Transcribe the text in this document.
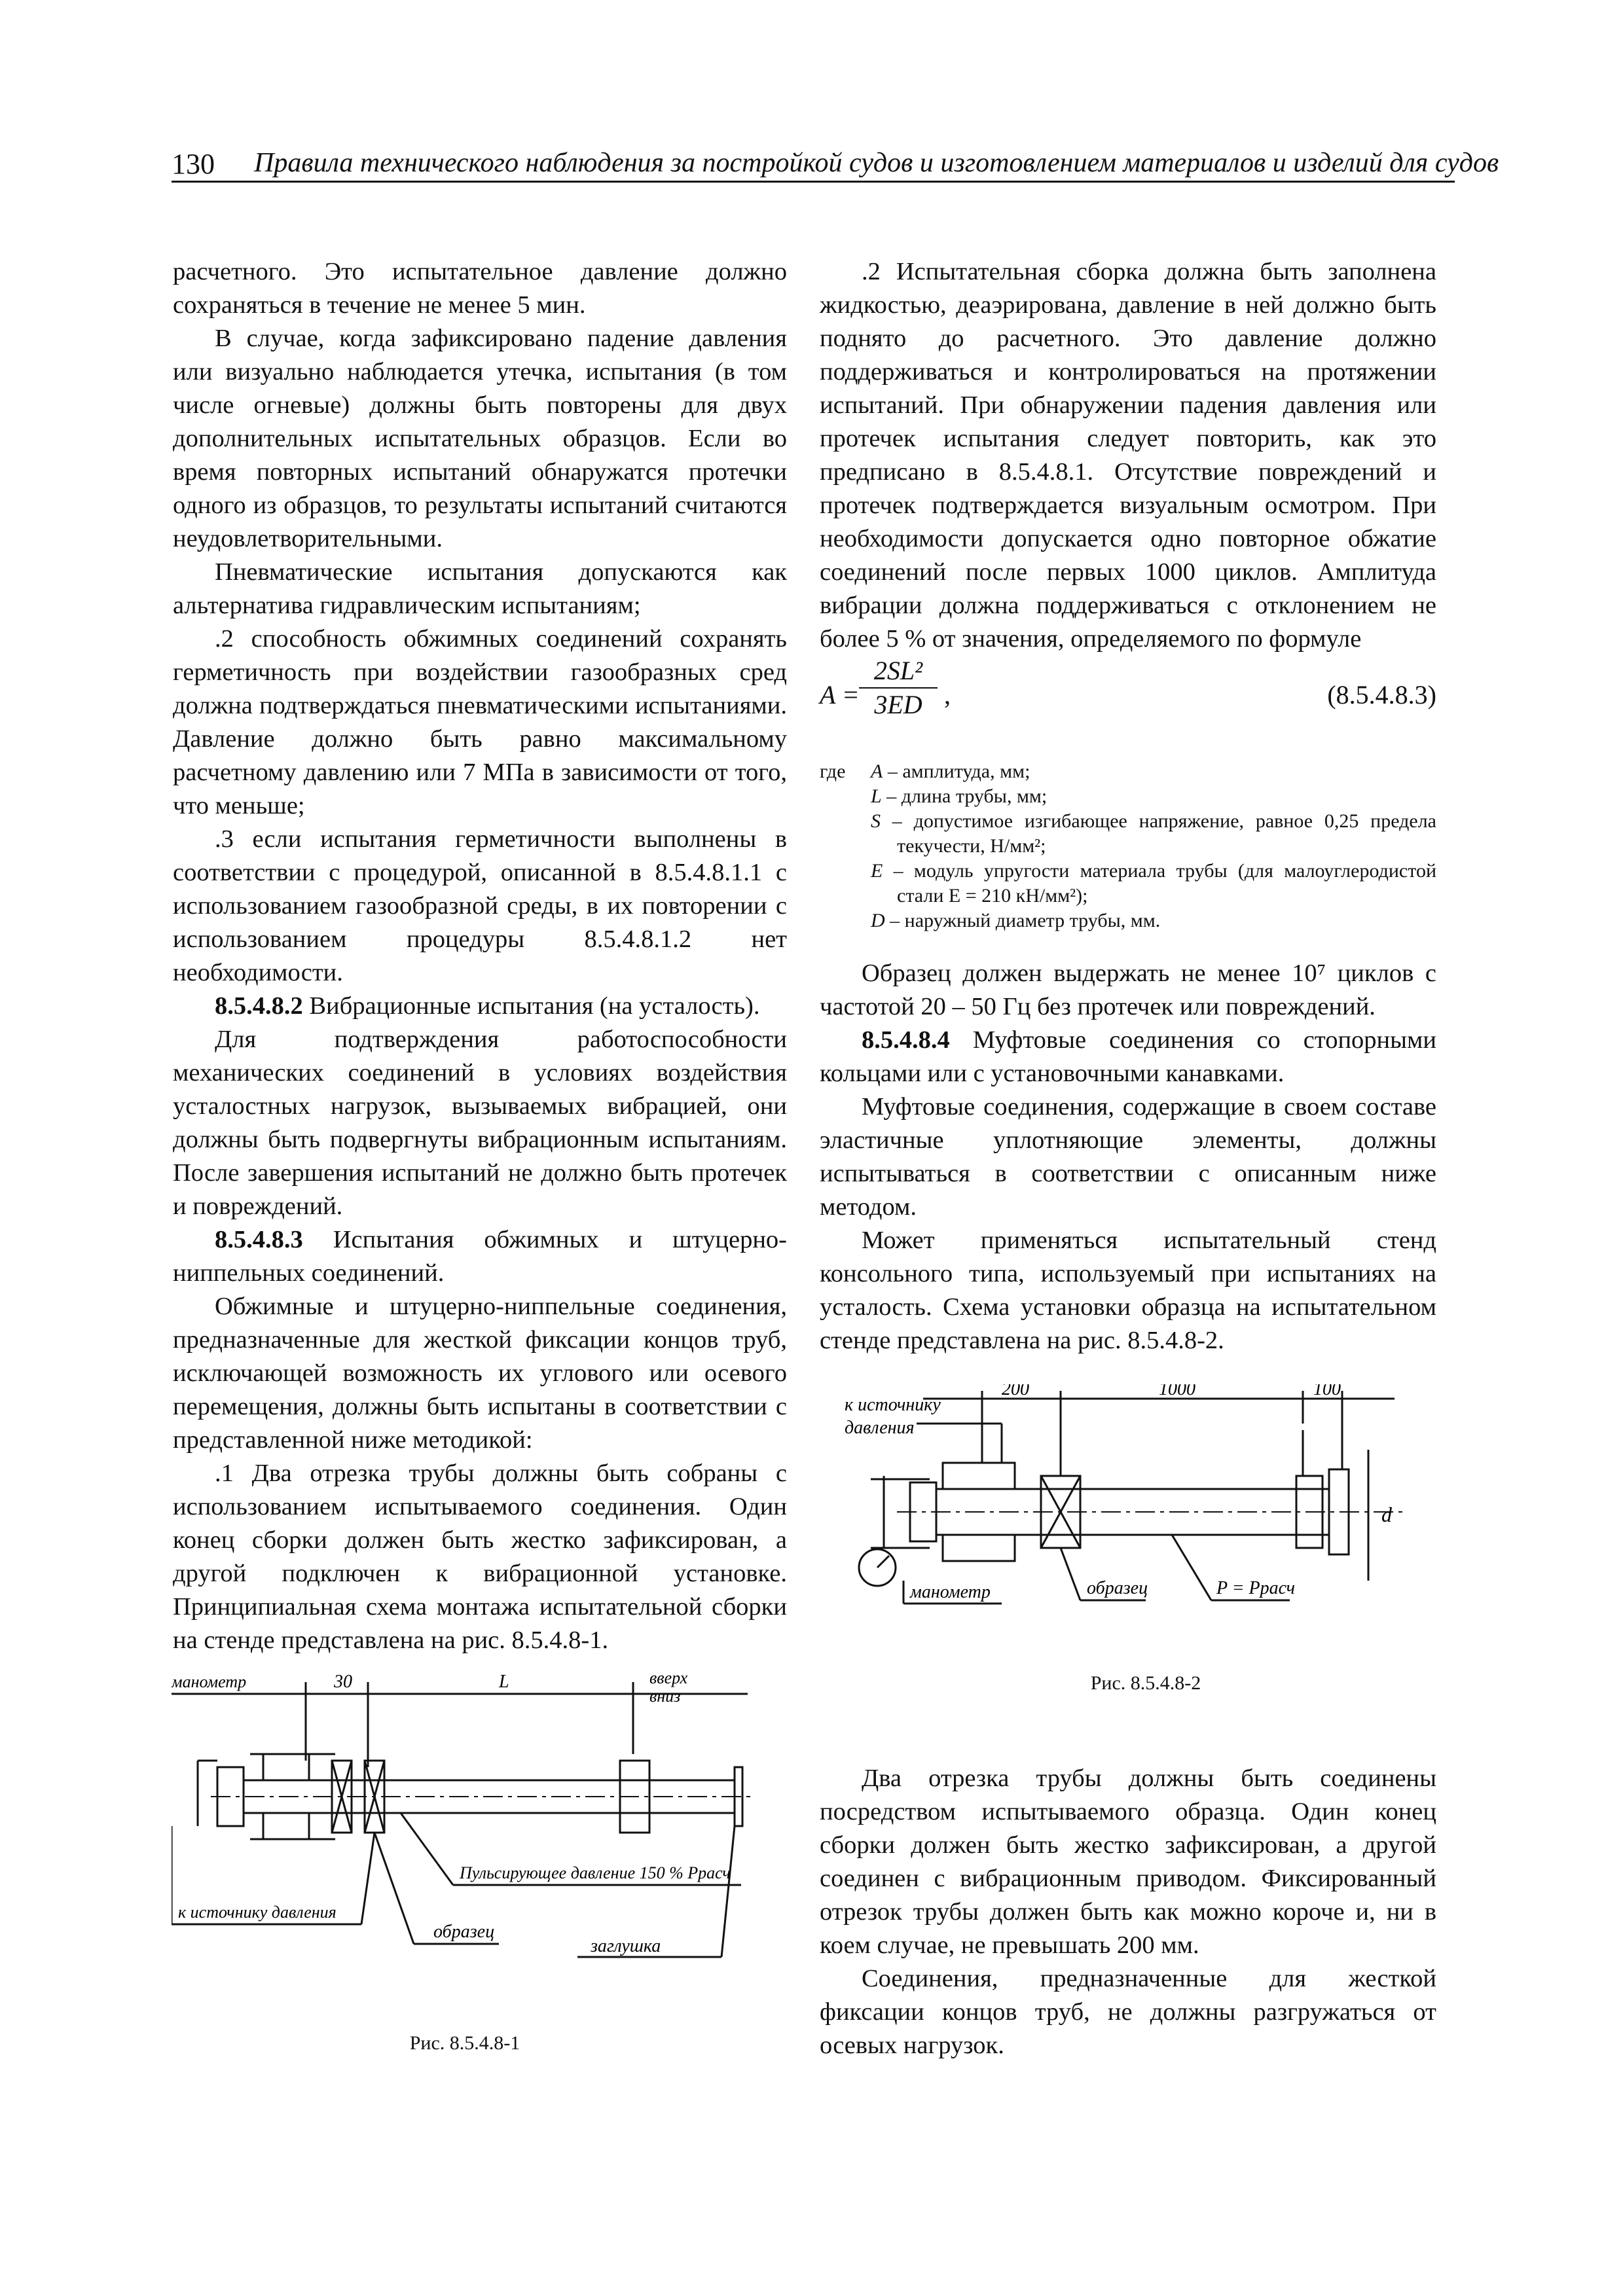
130 Правила технического наблюдения за постройкой судов и изготовлением материалов и изделий для судов

расчетного. Это испытательное давление должно сохраняться в течение не менее 5 мин.

В случае, когда зафиксировано падение давления или визуально наблюдается утечка, испытания (в том числе огневые) должны быть повторены для двух дополнительных испытательных образцов. Если во время повторных испытаний обнаружатся протечки одного из образцов, то результаты испытаний считаются неудовлетворительными.

Пневматические испытания допускаются как альтернатива гидравлическим испытаниям;

.2 способность обжимных соединений сохранять герметичность при воздействии газообразных сред должна подтверждаться пневматическими испытаниями. Давление должно быть равно максимальному расчетному давлению или 7 МПа в зависимости от того, что меньше;

.3 если испытания герметичности выполнены в соответствии с процедурой, описанной в 8.5.4.8.1.1 с использованием газообразной среды, в их повторении с использованием процедуры 8.5.4.8.1.2 нет необходимости.

8.5.4.8.2 Вибрационные испытания (на усталость).

Для подтверждения работоспособности механических соединений в условиях воздействия усталостных нагрузок, вызываемых вибрацией, они должны быть подвергнуты вибрационным испытаниям. После завершения испытаний не должно быть протечек и повреждений.

8.5.4.8.3 Испытания обжимных и штуцерно-ниппельных соединений.

Обжимные и штуцерно-ниппельные соединения, предназначенные для жесткой фиксации концов труб, исключающей возможность их углового или осевого перемещения, должны быть испытаны в соответствии с представленной ниже методикой:

.1 Два отрезка трубы должны быть собраны с использованием испытываемого соединения. Один конец сборки должен быть жестко зафиксирован, а другой подключен к вибрационной установке. Принципиальная схема монтажа испытательной сборки на стенде представлена на рис. 8.5.4.8-1.

.2 Испытательная сборка должна быть заполнена жидкостью, деаэрирована, давление в ней должно быть поднято до расчетного. Это давление должно поддерживаться и контролироваться на протяжении испытаний. При обнаружении падения давления или протечек испытания следует повторить, как это предписано в 8.5.4.8.1. Отсутствие повреждений и протечек подтверждается визуальным осмотром. При необходимости допускается одно повторное обжатие соединений после первых 1000 циклов. Амплитуда вибрации должна поддерживаться с отклонением не более 5 % от значения, определяемого по формуле

$A = \frac{\text{2SL²}}{3ED}$ ,	(8.5.4.8.3)
где A – амплитуда, мм;
L – длина трубы, мм;
S – допустимое изгибающее напряжение, равное 0,25 предела текучести, Н/мм²;
E – модуль упругости материала трубы (для малоуглеродистой стали E = 210 кН/мм²);
D – наружный диаметр трубы, мм.

Образец должен выдержать не менее 10⁷ циклов с частотой 20 – 50 Гц без протечек или повреждений.

8.5.4.8.4 Муфтовые соединения со стопорными кольцами или с установочными канавками.

Муфтовые соединения, содержащие в своем составе эластичные уплотняющие элементы, должны испытываться в соответствии с описанным ниже методом.

Может применяться испытательный стенд консольного типа, используемый при испытаниях на усталость. Схема установки образца на испытательном стенде представлена на рис. 8.5.4.8-2.

к источнику
давления
200	1000	100
d
манометр	образец	P = Pрасч
Рис. 8.5.4.8-2

Два отрезка трубы должны быть соединены посредством испытываемого образца. Один конец сборки должен быть жестко зафиксирован, а другой соединен с вибрационным приводом. Фиксированный отрезок трубы должен быть как можно короче и, ни в коем случае, не превышать 200 мм.

Соединения, предназначенные для жесткой фиксации концов труб, не должны разгружаться от осевых нагрузок.

манометр	30	L	вверх
вниз
Пульсирующее давление 150 % Pрасч
к источнику давления
образец
заглушка
Рис. 8.5.4.8-1
